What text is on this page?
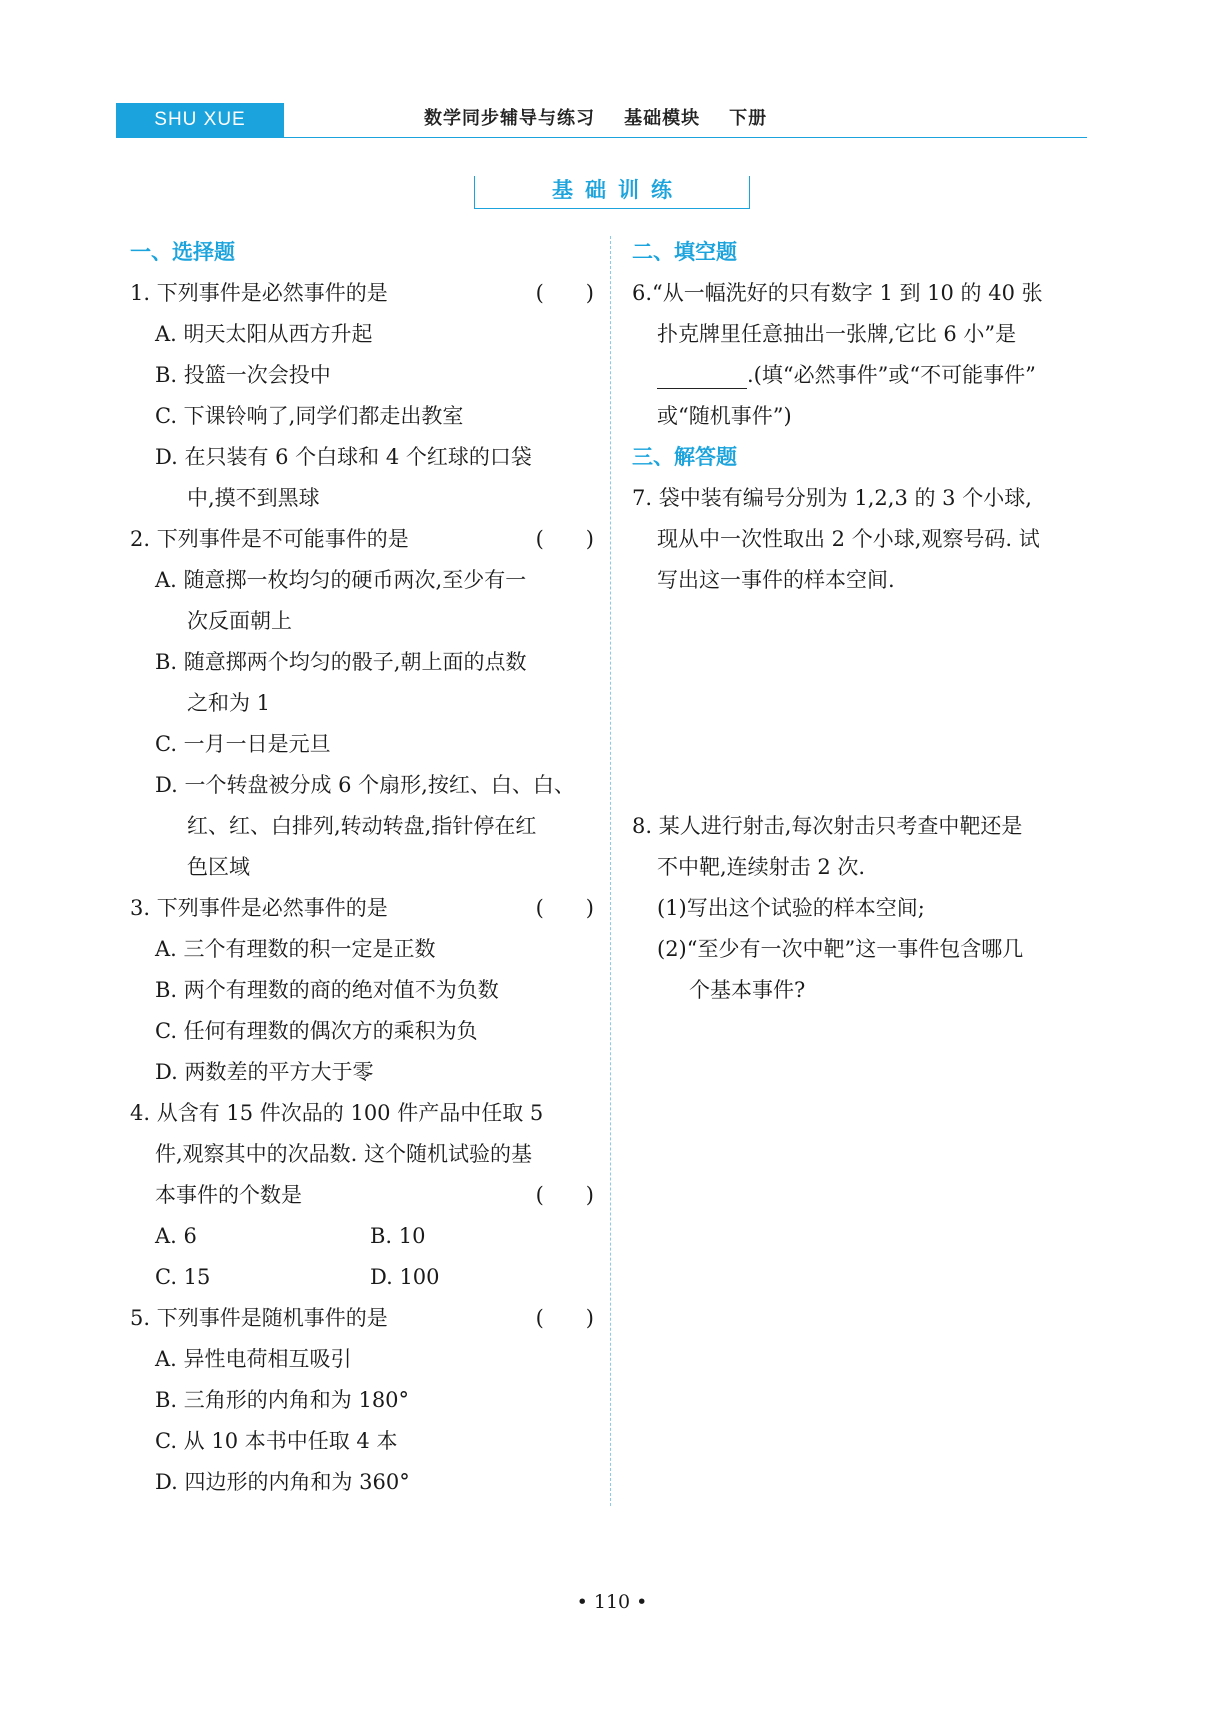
SHU XUE	数学同步辅导与练习    基础模块    下册
基础训练
一、选择题
1. 下列事件是必然事件的是	(　　)
A. 明天太阳从西方升起
B. 投篮一次会投中
C. 下课铃响了,同学们都走出教室
D. 在只装有 6 个白球和 4 个红球的口袋
中,摸不到黑球
2. 下列事件是不可能事件的是	(　　)
A. 随意掷一枚均匀的硬币两次,至少有一
次反面朝上
B. 随意掷两个均匀的骰子,朝上面的点数
之和为 1
C. 一月一日是元旦
D. 一个转盘被分成 6 个扇形,按红、白、白、
红、红、白排列,转动转盘,指针停在红
色区域
3. 下列事件是必然事件的是	(　　)
A. 三个有理数的积一定是正数
B. 两个有理数的商的绝对值不为负数
C. 任何有理数的偶次方的乘积为负
D. 两数差的平方大于零
4. 从含有 15 件次品的 100 件产品中任取 5
件,观察其中的次品数. 这个随机试验的基
本事件的个数是	(　　)
A. 6	B. 10
C. 15	D. 100
5. 下列事件是随机事件的是	(　　)
A. 异性电荷相互吸引
B. 三角形的内角和为 180°
C. 从 10 本书中任取 4 本
D. 四边形的内角和为 360°
二、填空题
6.“从一幅洗好的只有数字 1 到 10 的 40 张
扑克牌里任意抽出一张牌,它比 6 小”是
.(填“必然事件”或“不可能事件”
或“随机事件”)
三、解答题
7. 袋中装有编号分别为 1,2,3 的 3 个小球,
现从中一次性取出 2 个小球,观察号码. 试
写出这一事件的样本空间.
8. 某人进行射击,每次射击只考查中靶还是
不中靶,连续射击 2 次.
(1)写出这个试验的样本空间;
(2)“至少有一次中靶”这一事件包含哪几
个基本事件?
• 110 •
